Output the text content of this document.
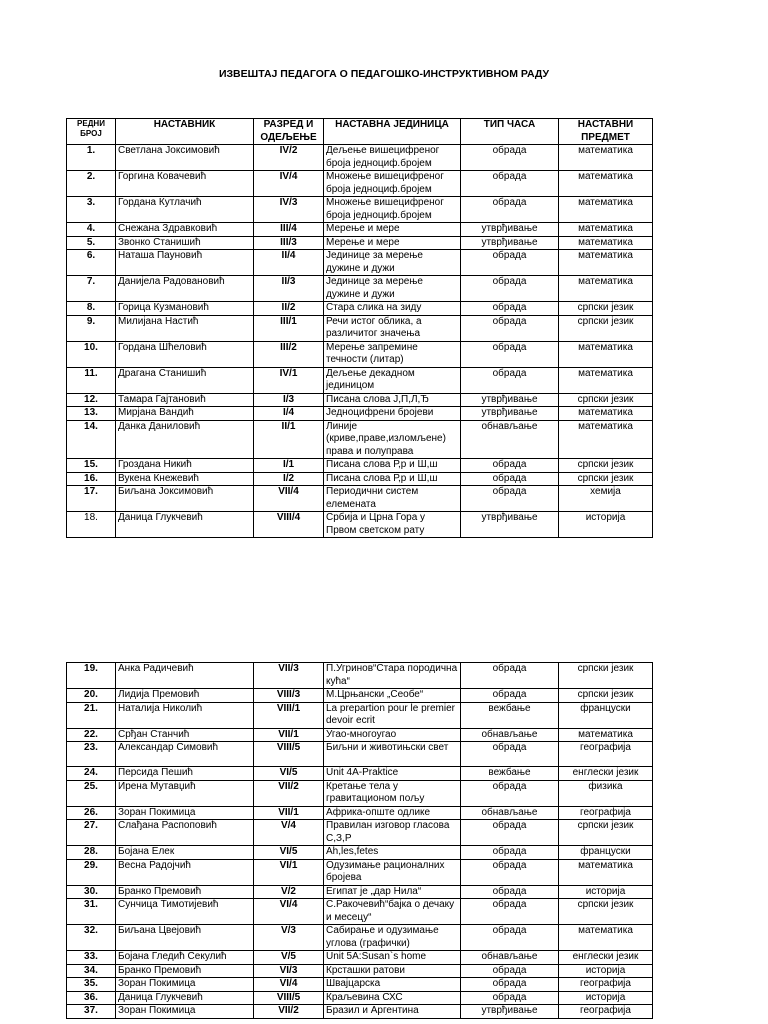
ИЗВЕШТАЈ ПЕДАГОГА О ПЕДАГОШКО-ИНСТРУКТИВНОМ РАДУ
РЕДНИ БРОЈ	НАСТАВНИК	РАЗРЕД И ОДЕЉЕЊЕ	НАСТАВНА ЈЕДИНИЦА	ТИП ЧАСА	НАСТАВНИ ПРЕДМЕТ
1.	Светлана Јоксимовић	IV/2	Дељење вишецифреног броја једноциф.бројем	обрада	математика
2.	Горгина Ковачевић	IV/4	Множење вишецифреног броја једноциф.бројем	обрада	математика
3.	Гордана Кутлачић	IV/3	Множење вишецифреног броја једноциф.бројем	обрада	математика
4.	Снежана Здравковић	III/4	Мерење и мере	утврђивање	математика
5.	Звонко Станишић	III/3	Мерење и мере	утврђивање	математика
6.	Наташа Пауновић	II/4	Јединице за мерење дужине и дужи	обрада	математика
7.	Данијела Радовановић	II/3	Јединице за мерење дужине и дужи	обрада	математика
8.	Горица Кузмановић	II/2	Стара слика на зиду	обрада	српски језик
9.	Милијана Настић	III/1	Речи истог облика, а различитог значења	обрада	српски језик
10.	Гордана Шћеловић	III/2	Мерење запремине течности (литар)	обрада	математика
11.	Драгана Станишић	IV/1	Дељење декадном јединицом	обрада	математика
12.	Тамара Гајтановић	I/3	Писана слова Ј,П,Л,Ђ	утврђивање	српски језик
13.	Мирјана Вандић	I/4	Једноцифрени бројеви	утврђивање	математика
14.	Данка Даниловић	II/1	Линије (криве,праве,изломљене) права и полуправа	обнављање	математика
15.	Гроздана Никић	I/1	Писана слова Р,р и Ш,ш	обрада	српски језик
16.	Вукена Кнежевић	I/2	Писана слова Р,р и Ш,ш	обрада	српски језик
17.	Биљана Јоксимовић	VII/4	Периодични систем елемената	обрада	хемија
18.	Даница Глукчевић	VIII/4	Србија и Црна Гора у Првом светском рату	утврђивање	историја
19.	Анка Радичевић	VII/3	П.Угринов“Стара породична кућа“	обрада	српски језик
20.	Лидија Премовић	VIII/3	М.Црњански „Сеобе“	обрада	српски језик
21.	Наталија Николић	VIII/1	La prepartion pour le premier devoir ecrit	вежбање	француски
22.	Срђан Станчић	VII/1	Угао-многоугао	обнављање	математика
23.	Александар Симовић	VIII/5	Биљни и животињски свет	обрада	географија
24.	Персида Пешић	VI/5	Unit 4A-Praktice	вежбање	енглески језик
25.	Ирена Мутавџић	VII/2	Кретање тела у гравитационом пољу	обрада	физика
26.	Зоран Покимица	VII/1	Африка-опште одлике	обнављање	географија
27.	Слађана Распоповић	V/4	Правилан изговор гласова С,З,Р	обрада	српски језик
28.	Бојана Елек	VI/5	Ah,les,fetes	обрада	француски
29.	Весна Радојчић	VI/1	Одузимање рационалних бројева	обрада	математика
30.	Бранко Премовић	V/2	Египат је „дар Нила“	обрада	историја
31.	Сунчица Тимотијевић	VI/4	С.Ракочевић“бајка о дечаку и месецу“	обрада	српски језик
32.	Биљана Цвејовић	V/3	Сабирање и одузимање углова (графички)	обрада	математика
33.	Бојана Гледић Секулић	V/5	Unit 5A:Susan`s home	обнављање	енглески језик
34.	Бранко Премовић	VI/3	Крсташки ратови	обрада	историја
35.	Зоран Покимица	VI/4	Швајцарска	обрада	географија
36.	Даница Глукчевић	VIII/5	Краљевина СХС	обрада	историја
37.	Зоран Покимица	VII/2	Бразил и Аргентина	утврђивање	географија
